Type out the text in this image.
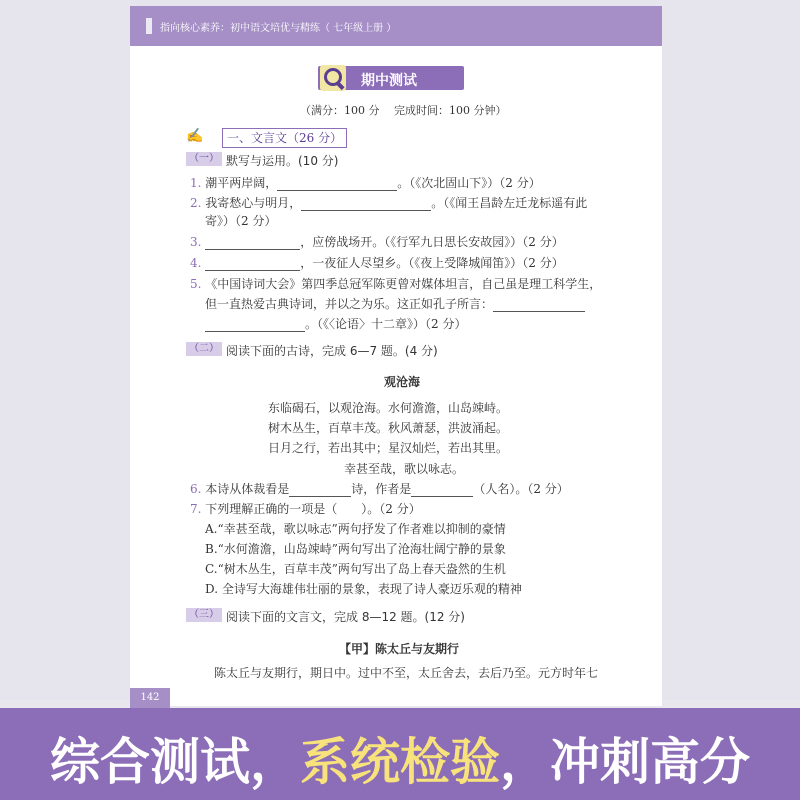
指向核心素养：初中语文培优与精练（ 七年级上册 ）
期中测试
（满分：100 分　 完成时间：100 分钟）
✍	一、文言文（26 分）
（一） 默写与运用。(10 分)
1. 潮平两岸阔，	。（《次北固山下》）（2 分）
2. 我寄愁心与明月，	。（《闻王昌龄左迁龙标遥有此
寄》）（2 分）
3.	，应傍战场开。（《行军九日思长安故园》）（2 分）
4.	，一夜征人尽望乡。（《夜上受降城闻笛》）（2 分）
5. 《中国诗词大会》第四季总冠军陈更曾对媒体坦言，自己虽是理工科学生，
但一直热爱古典诗词，并以之为乐。这正如孔子所言：
。（《〈论语〉十二章》）（2 分）
（二） 阅读下面的古诗，完成 6—7 题。(4 分)
观沧海
东临碣石，以观沧海。水何澹澹，山岛竦峙。
树木丛生，百草丰茂。秋风萧瑟，洪波涌起。
日月之行，若出其中；星汉灿烂，若出其里。
幸甚至哉，歌以咏志。
6. 本诗从体裁看是	诗，作者是	（人名）。（2 分）
7. 下列理解正确的一项是（　　）。（2 分）
A.“幸甚至哉，歌以咏志”两句抒发了作者难以抑制的豪情
B.“水何澹澹，山岛竦峙”两句写出了沧海壮阔宁静的景象
C.“树木丛生，百草丰茂”两句写出了岛上春天盎然的生机
D. 全诗写大海雄伟壮丽的景象，表现了诗人豪迈乐观的精神
（三） 阅读下面的文言文，完成 8—12 题。(12 分)
【甲】陈太丘与友期行
陈太丘与友期行，期日中。过中不至，太丘舍去，去后乃至。元方时年七
142
综合测试，系统检验，冲刺高分
